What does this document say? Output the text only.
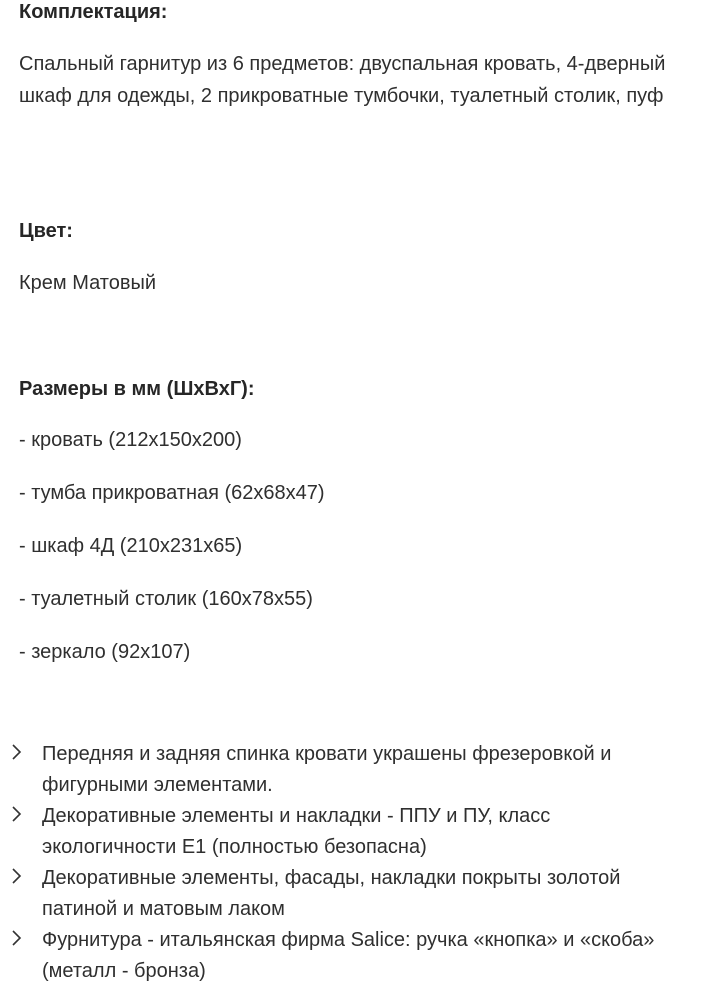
Комплектация:
Спальный гарнитур из 6 предметов: двуспальная кровать, 4-дверный шкаф для одежды, 2 прикроватные тумбочки, туалетный столик, пуф
Цвет:
Крем Матовый
Размеры в мм (ШхВхГ):
- кровать (212x150x200)
- тумба прикроватная (62x68x47)
- шкаф 4Д (210x231x65)
- туалетный столик (160x78x55)
- зеркало (92x107)
Передняя и задняя спинка кровати украшены фрезеровкой и фигурными элементами.
Декоративные элементы и накладки - ППУ и ПУ, класс экологичности Е1 (полностью безопасна)
Декоративные элементы, фасады, накладки покрыты золотой патиной и матовым лаком
Фурнитура - итальянская фирма Salice: ручка «кнопка» и «скоба» (металл - бронза)
